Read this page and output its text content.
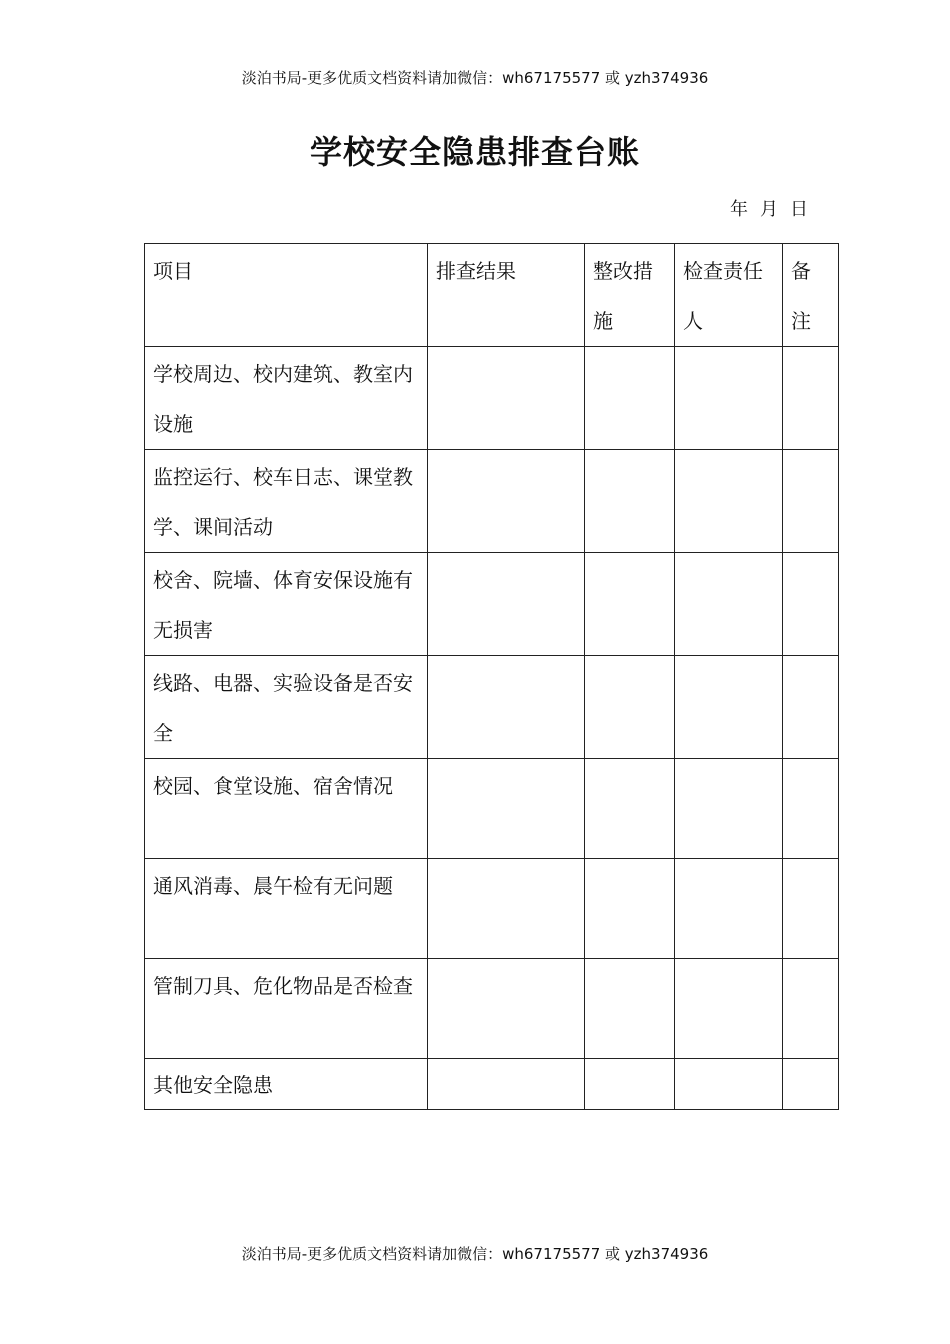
淡泊书局-更多优质文档资料请加微信：wh67175577 或 yzh374936
学校安全隐患排查台账
年 月 日
项目	排查结果	整改措施	检查责任人	备注
学校周边、校内建筑、教室内设施				
监控运行、校车日志、课堂教学、课间活动				
校舍、院墙、体育安保设施有无损害				
线路、电器、实验设备是否安全				
校园、食堂设施、宿舍情况				
通风消毒、晨午检有无问题				
管制刀具、危化物品是否检查				
其他安全隐患				
淡泊书局-更多优质文档资料请加微信：wh67175577 或 yzh374936
